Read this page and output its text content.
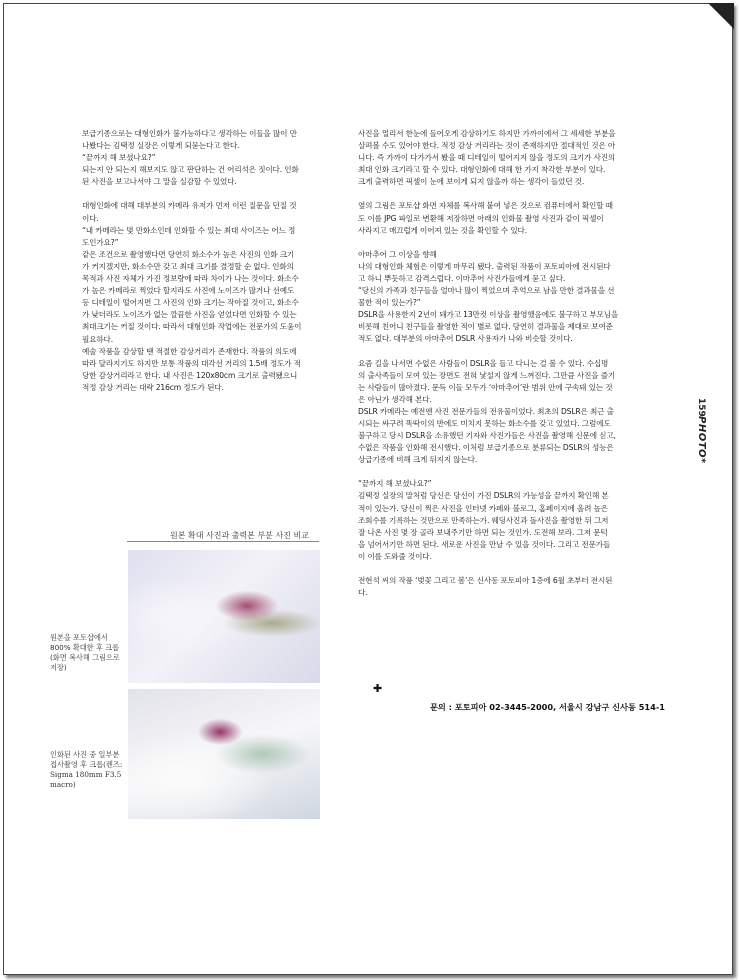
보급기종으로는 대형인화가 불가능하다고 생각하는 이들을 많이 만

나봤다는 김택정 실장은 이렇게 되묻는다고 한다.

“끝까지 해 보셨나요?”

되는지 안 되는지 해보지도 않고 판단하는 건 어리석은 짓이다. 인화

된 사진을 보고나서야 그 말을 실감할 수 있었다.

대형인화에 대해 대부분의 카메라 유저가 먼저 이런 질문을 던질 것

이다.

“내 카메라는 몇 만화소인데 인화할 수 있는 최대 사이즈는 어느 정

도인가요?”

같은 조건으로 촬영했다면 당연히 화소수가 높은 사진의 인화 크기

가 커지겠지만, 화소수만 갖고 최대 크기를 결정할 순 없다. 인화의

목적과 사진 자체가 가진 정보량에 따라 차이가 나는 것이다. 화소수

가 높은 카메라로 찍었다 할지라도 사진에 노이즈가 많거나 선예도

등 디테일이 떨어지면 그 사진의 인화 크기는 작아질 것이고, 화소수

가 낮더라도 노이즈가 없는 깔끔한 사진을 얻었다면 인화할 수 있는

최대크기는 커질 것이다. 따라서 대형인화 작업에는 전문가의 도움이

필요하다.

예술 작품을 감상할 땐 적절한 감상거리가 존재한다. 작품의 의도에

따라 달라지기도 하지만 보통 작품의 대각선 거리의 1.5배 정도가 적

당한 감상거리라고 한다. 내 사진은 120x80cm 크기로 출력됐으니

적정 감상 거리는 대략 216cm 정도가 된다.

사진을 멀리서 한눈에 들어오게 감상하기도 하지만 가까이에서 그 세세한 부분을

살펴볼 수도 있어야 한다. 적정 감상 거리라는 것이 존재하지만 절대적인 것은 아

니다. 즉 가까이 다가가서 봤을 때 디테일이 떨어지지 않을 정도의 크기가 사진의

최대 인화 크기라고 할 수 있다. 대형인화에 대해 한 가지 착각한 부분이 있다.

크게 출력하면 픽셀이 눈에 보이게 되지 않을까 하는 생각이 들었던 것.

옆의 그림은 포토샵 화면 자체를 복사해 붙여 넣은 것으로 컴퓨터에서 확인할 때

도 이를 JPG 파일로 변환해 저장하면 아래의 인화물 촬영 사진과 같이 픽셀이

사라지고 매끄럽게 이어져 있는 것을 확인할 수 있다.

아마추어 그 이상을 향해

나의 대형인화 체험은 이렇게 마무리 됐다. 출력된 작품이 포토피아에 전시된다

고 하니 뿌듯하고 감격스럽다. 이마추어 사진가들에게 묻고 싶다.

“당신의 가족과 친구들을 얼마나 많이 찍었으며 추억으로 남을 만한 결과물을 선

물한 적이 있는가?”

DSLR을 사용한지 2년이 돼가고 13만컷 이상을 촬영했음에도 불구하고 부모님을

비롯해 친어니 친구들을 촬영한 적이 별로 없다. 당연히 결과물을 제대로 보여준

적도 없다. 대부분의 아마추어 DSLR 사용자가 나와 비슷할 것이다.

요즘 길을 나서면 수없은 사람들이 DSLR을 들고 다니는 걸 볼 수 있다. 수십명

의 출사족들이 모여 있는 장면도 전혀 낯설지 않게 느껴진다. 그만큼 사진을 즐기

는 사람들이 많아졌다. 문득 이들 모두가 ‘아마추어’란 범위 안에 구속돼 있는 것

은 아닌가 생각해 본다.

DSLR 카메라는 예전엔 사진 전문가들의 전유물이었다. 최초의 DSLR은 최근 출

시되는 싸구려 똑딱이의 반에도 미치지 못하는 화소수를 갖고 있었다. 그럼에도

불구하고 당시 DSLR을 소유했던 기자와 사진가들은 사진을 촬영해 신문에 싣고,

수없은 작품을 인화해 전시했다. 이처럼 보급기종으로 분류되는 DSLR의 성능은

상급기종에 비해 크게 뒤지지 않는다.

“끝까지 해 보셨나요?”

김택정 실장의 말처럼 당신은 당신이 가진 DSLR의 가능성을 끝까지 확인해 본

적이 있는가. 당신이 찍은 사진을 인터넷 카페와 블로그, 홈페이지에 올려 높은

조회수를 기록하는 것만으로 만족하는가. 웨딩사진과 돌사진을 촬영한 뒤 그저

잘 나온 사진 몇 장 골라 보내주기만 하면 되는 것인가. 도전해 보라. 그저 문턱

을 넘어서기만 하면 된다. 새로운 사진을 만날 수 있을 것이다. 그리고 전문가들

이 이를 도와줄 것이다.

전현석 씨의 작품 ‘벚꽃 그리고 봄’은 신사동 포토피아 1층에 6월 초부터 전시된

다.

원본 확대 사진과 출력본 부분 사진 비교
원본을 포토샵에서 800% 확대한 후 크롭(화면 복사해 그림으로 저장)
인화된 사진 중 일부분 접사촬영 후 크롭(렌즈: Sigma 180mm F3.5 macro)
✚
문의 : 포토피아 02-3445-2000, 서울시 강남구 신사동 514-1
159
PHOTO*
